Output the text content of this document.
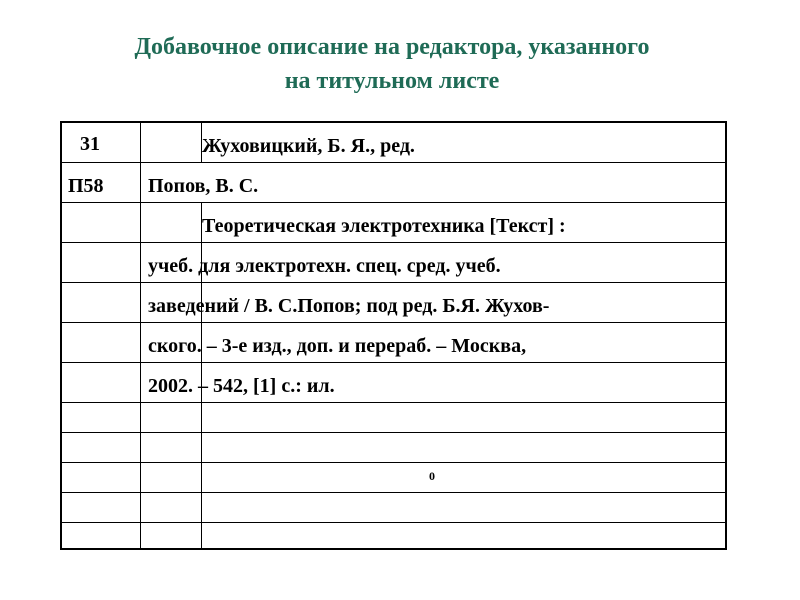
Добавочное описание на редактора, указанного
на титульном листе
31	Жуховицкий, Б. Я., ред.
П58 Попов, В. С.
Теоретическая электротехника [Текст] :
учеб. для электротехн. спец. сред. учеб.
заведений / В. С.Попов; под ред. Б.Я. Жухов-
ского. – 3-е изд., доп. и перераб. – Москва,
2002. – 542, [1] с.: ил.
0
